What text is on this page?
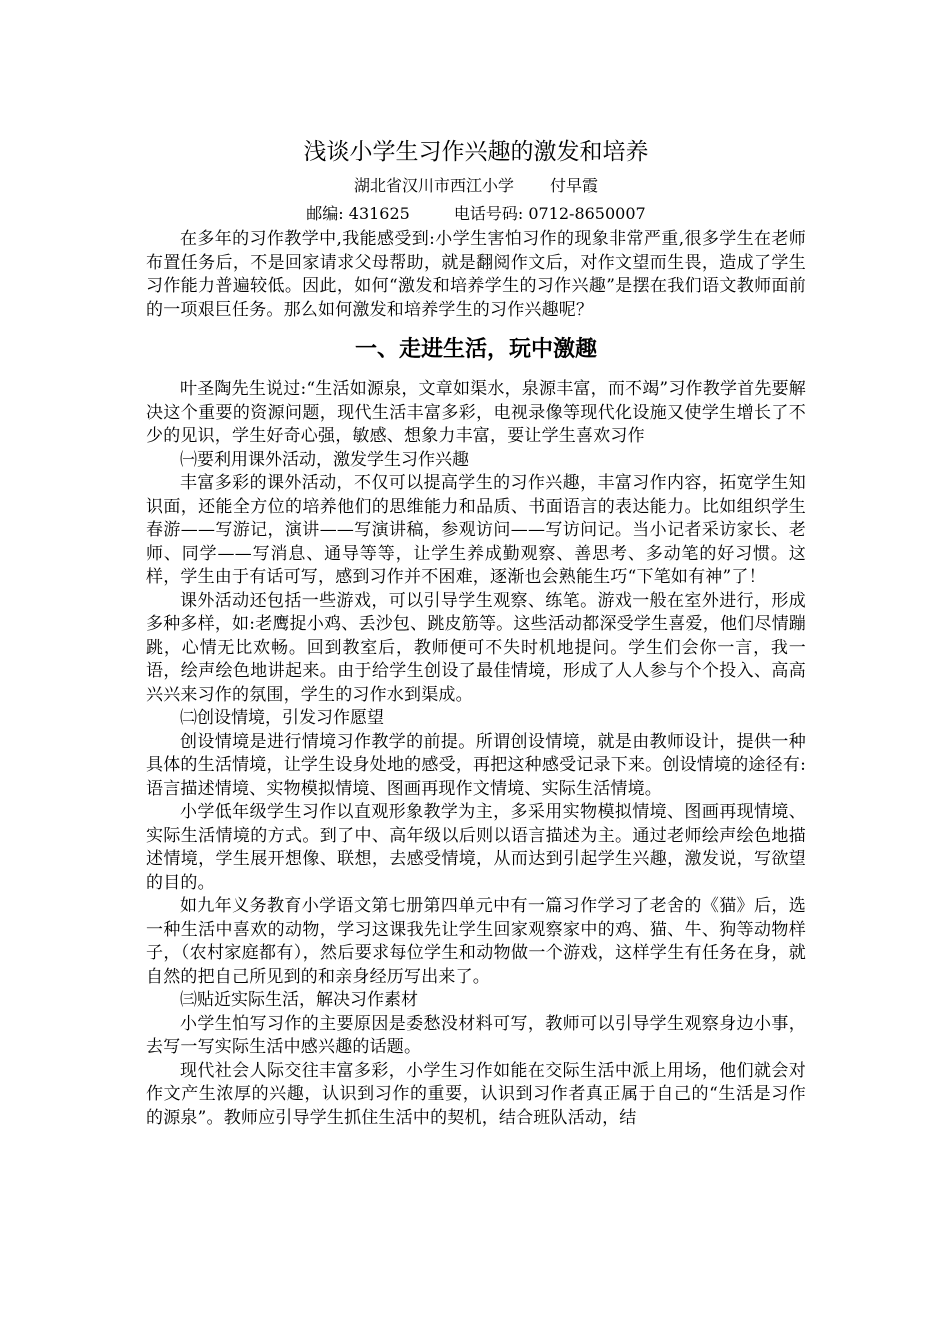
浅谈小学生习作兴趣的激发和培养
湖北省汉川市西江小学 付早霞
邮编: 431625	电话号码: 0712-8650007

在多年的习作教学中,我能感受到:小学生害怕习作的现象非常严重,很多学生在老师布置任务后，不是回家请求父母帮助，就是翻阅作文后，对作文望而生畏，造成了学生习作能力普遍较低。因此，如何“激发和培养学生的习作兴趣”是摆在我们语文教师面前的一项艰巨任务。那么如何激发和培养学生的习作兴趣呢？

一、走进生活，玩中激趣

叶圣陶先生说过:“生活如源泉，文章如渠水，泉源丰富，而不竭”习作教学首先要解决这个重要的资源问题，现代生活丰富多彩，电视录像等现代化设施又使学生增长了不少的见识，学生好奇心强，敏感、想象力丰富，要让学生喜欢习作

㈠要利用课外活动，激发学生习作兴趣

丰富多彩的课外活动，不仅可以提高学生的习作兴趣，丰富习作内容，拓宽学生知识面，还能全方位的培养他们的思维能力和品质、书面语言的表达能力。比如组织学生春游——写游记，演讲——写演讲稿，参观访问——写访问记。当小记者采访家长、老师、同学——写消息、通导等等，让学生养成勤观察、善思考、多动笔的好习惯。这样，学生由于有话可写，感到习作并不困难，逐渐也会熟能生巧“下笔如有神”了！

课外活动还包括一些游戏，可以引导学生观察、练笔。游戏一般在室外进行，形成多种多样，如:老鹰捉小鸡、丢沙包、跳皮筋等。这些活动都深受学生喜爱，他们尽情蹦跳，心情无比欢畅。回到教室后，教师便可不失时机地提问。学生们会你一言，我一语，绘声绘色地讲起来。由于给学生创设了最佳情境，形成了人人参与个个投入、高高兴兴来习作的氛围，学生的习作水到渠成。

㈡创设情境，引发习作愿望

创设情境是进行情境习作教学的前提。所谓创设情境，就是由教师设计，提供一种具体的生活情境，让学生设身处地的感受，再把这种感受记录下来。创设情境的途径有:语言描述情境、实物模拟情境、图画再现作文情境、实际生活情境。

小学低年级学生习作以直观形象教学为主，多采用实物模拟情境、图画再现情境、实际生活情境的方式。到了中、高年级以后则以语言描述为主。通过老师绘声绘色地描述情境，学生展开想像、联想，去感受情境，从而达到引起学生兴趣，激发说，写欲望的目的。

如九年义务教育小学语文第七册第四单元中有一篇习作学习了老舍的《猫》后，选一种生活中喜欢的动物，学习这课我先让学生回家观察家中的鸡、猫、牛、狗等动物样子，（农村家庭都有），然后要求每位学生和动物做一个游戏，这样学生有任务在身，就自然的把自己所见到的和亲身经历写出来了。

㈢贴近实际生活，解决习作素材

小学生怕写习作的主要原因是委愁没材料可写，教师可以引导学生观察身边小事，去写一写实际生活中感兴趣的话题。

现代社会人际交往丰富多彩，小学生习作如能在交际生活中派上用场，他们就会对作文产生浓厚的兴趣，认识到习作的重要，认识到习作者真正属于自己的“生活是习作的源泉”。教师应引导学生抓住生活中的契机，结合班队活动，结
